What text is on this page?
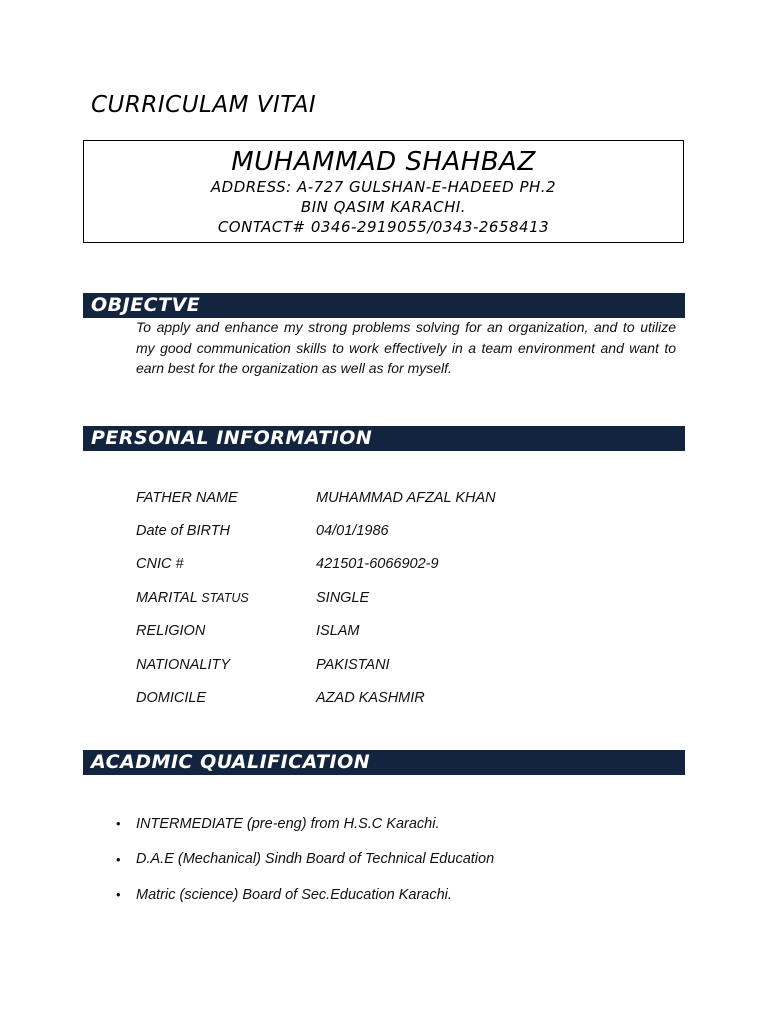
CURRICULAM VITAI
MUHAMMAD SHAHBAZ
ADDRESS: A-727 GULSHAN-E-HADEED PH.2
BIN QASIM KARACHI.
CONTACT# 0346-2919055/0343-2658413
OBJECTVE
To apply and enhance my strong problems solving for an organization, and to utilize my good communication skills to work effectively in a team environment and want to earn best for the organization as well as for myself.
PERSONAL INFORMATION
FATHER NAME	MUHAMMAD AFZAL KHAN
Date of BIRTH	04/01/1986
CNIC #	421501-6066902-9
MARITAL STATUS	SINGLE
RELIGION	ISLAM
NATIONALITY	PAKISTANI
DOMICILE	AZAD KASHMIR
ACADMIC QUALIFICATION
•	INTERMEDIATE (pre-eng) from H.S.C Karachi.
•	D.A.E (Mechanical) Sindh Board of Technical Education
•	Matric (science) Board of Sec.Education Karachi.
